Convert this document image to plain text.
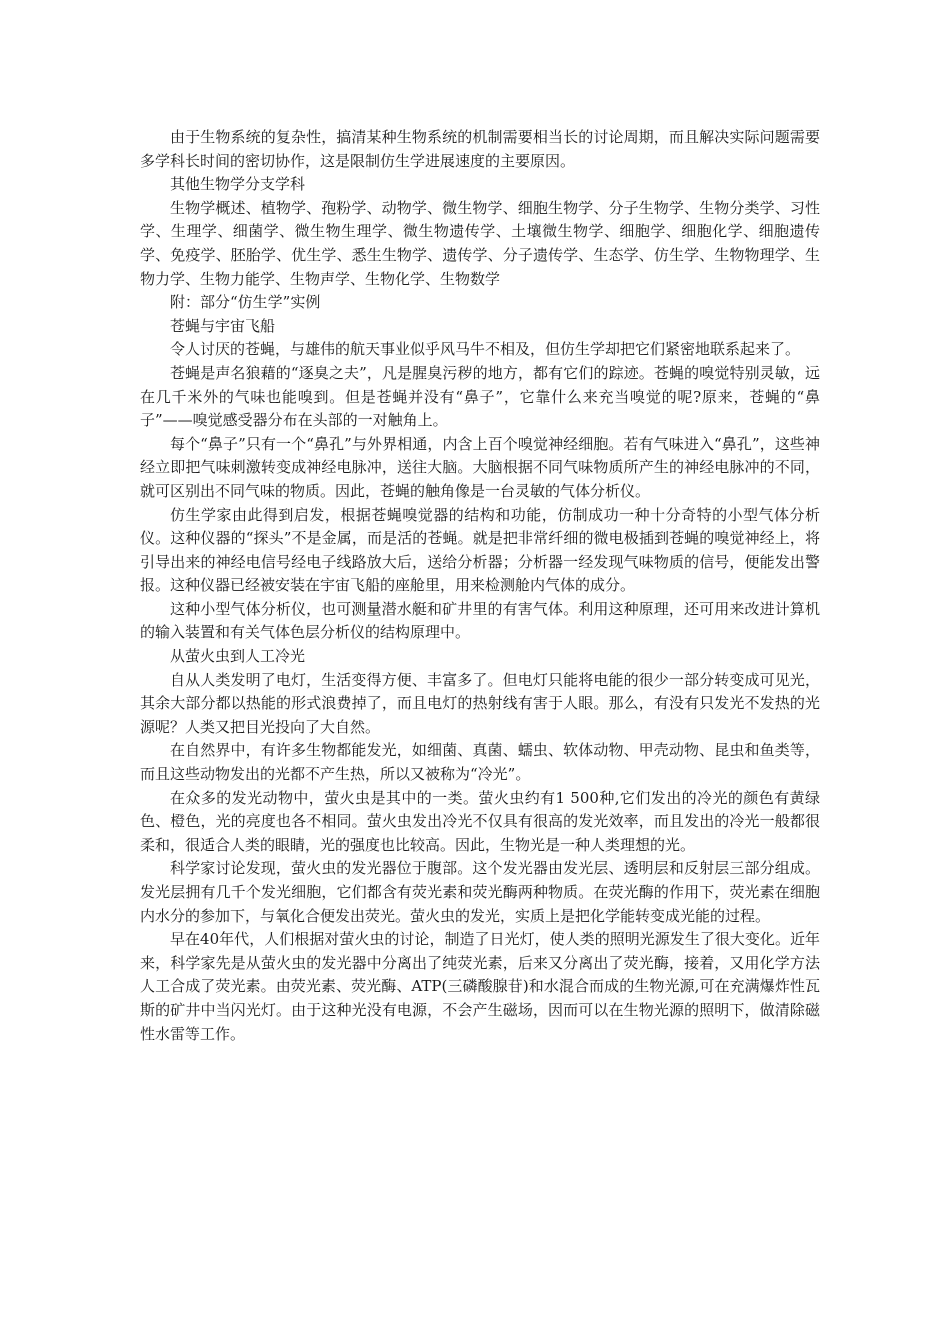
由于生物系统的复杂性，搞清某种生物系统的机制需要相当长的讨论周期，而且解决实际问题需要多学科长时间的密切协作，这是限制仿生学进展速度的主要原因。

其他生物学分支学科

生物学概述、植物学、孢粉学、动物学、微生物学、细胞生物学、分子生物学、生物分类学、习性学、生理学、细菌学、微生物生理学、微生物遗传学、土壤微生物学、细胞学、细胞化学、细胞遗传学、免疫学、胚胎学、优生学、悉生生物学、遗传学、分子遗传学、生态学、仿生学、生物物理学、生物力学、生物力能学、生物声学、生物化学、生物数学

附：部分“仿生学”实例

苍蝇与宇宙飞船

令人讨厌的苍蝇，与雄伟的航天事业似乎风马牛不相及，但仿生学却把它们紧密地联系起来了。

苍蝇是声名狼藉的“逐臭之夫”，凡是腥臭污秽的地方，都有它们的踪迹。苍蝇的嗅觉特别灵敏，远在几千米外的气味也能嗅到。但是苍蝇并没有“鼻子”，它靠什么来充当嗅觉的呢?原来，苍蝇的“鼻子”——嗅觉感受器分布在头部的一对触角上。

每个“鼻子”只有一个“鼻孔”与外界相通，内含上百个嗅觉神经细胞。若有气味进入“鼻孔”，这些神经立即把气味刺激转变成神经电脉冲，送往大脑。大脑根据不同气味物质所产生的神经电脉冲的不同，就可区别出不同气味的物质。因此，苍蝇的触角像是一台灵敏的气体分析仪。

仿生学家由此得到启发，根据苍蝇嗅觉器的结构和功能，仿制成功一种十分奇特的小型气体分析仪。这种仪器的“探头”不是金属，而是活的苍蝇。就是把非常纤细的微电极插到苍蝇的嗅觉神经上，将引导出来的神经电信号经电子线路放大后，送给分析器；分析器一经发现气味物质的信号，便能发出警报。这种仪器已经被安装在宇宙飞船的座舱里，用来检测舱内气体的成分。

这种小型气体分析仪，也可测量潜水艇和矿井里的有害气体。利用这种原理，还可用来改进计算机的输入装置和有关气体色层分析仪的结构原理中。

从萤火虫到人工冷光

自从人类发明了电灯，生活变得方便、丰富多了。但电灯只能将电能的很少一部分转变成可见光，其余大部分都以热能的形式浪费掉了，而且电灯的热射线有害于人眼。那么，有没有只发光不发热的光源呢？人类又把目光投向了大自然。

在自然界中，有许多生物都能发光，如细菌、真菌、蠕虫、软体动物、甲壳动物、昆虫和鱼类等，而且这些动物发出的光都不产生热，所以又被称为“冷光”。

在众多的发光动物中，萤火虫是其中的一类。萤火虫约有1 500种,它们发出的冷光的颜色有黄绿色、橙色，光的亮度也各不相同。萤火虫发出冷光不仅具有很高的发光效率，而且发出的冷光一般都很柔和，很适合人类的眼睛，光的强度也比较高。因此，生物光是一种人类理想的光。

科学家讨论发现，萤火虫的发光器位于腹部。这个发光器由发光层、透明层和反射层三部分组成。发光层拥有几千个发光细胞，它们都含有荧光素和荧光酶两种物质。在荧光酶的作用下，荧光素在细胞内水分的参加下，与氧化合便发出荧光。萤火虫的发光，实质上是把化学能转变成光能的过程。

早在40年代，人们根据对萤火虫的讨论，制造了日光灯，使人类的照明光源发生了很大变化。近年来，科学家先是从萤火虫的发光器中分离出了纯荧光素，后来又分离出了荧光酶，接着，又用化学方法人工合成了荧光素。由荧光素、荧光酶、ATP(三磷酸腺苷)和水混合而成的生物光源,可在充满爆炸性瓦斯的矿井中当闪光灯。由于这种光没有电源，不会产生磁场，因而可以在生物光源的照明下，做清除磁性水雷等工作。
